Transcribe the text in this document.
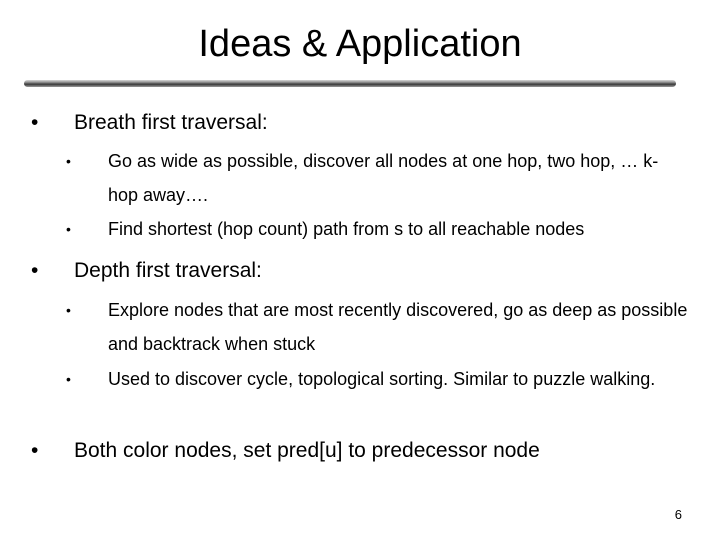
Ideas & Application
• Breath first traversal:
• Go as wide as possible, discover all nodes at one hop, two hop, … k-hop away….
• Find shortest (hop count) path from s to all reachable nodes
• Depth first traversal:
• Explore nodes that are most recently discovered, go as deep as possible and backtrack when stuck
• Used to discover cycle, topological sorting. Similar to puzzle walking.
• Both color nodes, set pred[u] to predecessor node
6
